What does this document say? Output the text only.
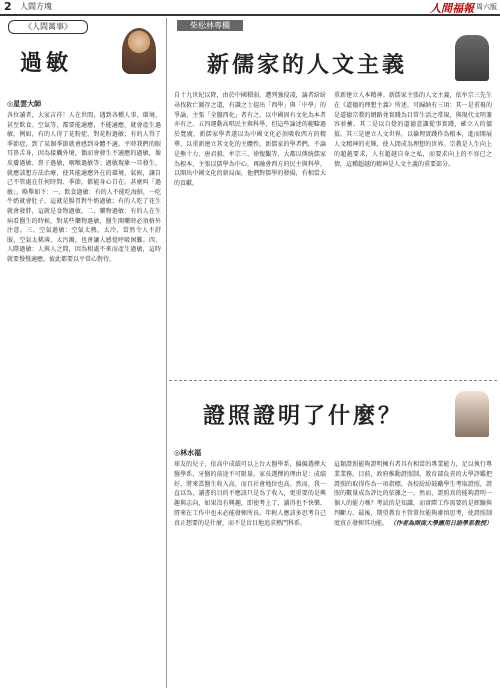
2 人間方塊	人間福報 周六版
《人間萬事》
過敏
◎星雲大師
各位讀者，大家吉祥！人在世間，遇到各種人事、環境、甚至飲食、空氣等，都要能適應，不能適應，就會產生過敏。例如，有的人得了花粉症，對花粉過敏；有的人得了季節症，到了某個季節就會感到身體不適。平時我們的眼耳鼻舌身，因為接觸外境，偶而會發生不適應的過敏，像皮膚過敏、鼻子過敏，咽喉過敏等；過敏現象一旦發生，就應該想方法治療，使其能適應外在的環境、氣候，讓自己不管處在任何時間、季節，都能身心自在。甚麼叫「過敏」，略舉如下：一、飲食過敏：有的人不能吃海鮮，一吃牛奶就會肚子，這就是腸胃對牛奶過敏；有的人吃了花生就會發胖，這就是食物過敏。二、藥物過敏：有的人在生病看醫生的時候，對某些藥物過敏，醫生開藥時必須格外注意。三、空氣過敏：空氣太熱、太冷，當然令人不舒服，空氣太稀薄，太污濁，也會讓人感覺呼吸困難。四、人際過敏：人與人之間，因為相處不來而產生過敏，這時就要慢慢適應，彼此都要以平常心對待。
柴松林專欄
新儒家的人文主義
自十九世紀以降，由於中國積弱，遭列強侵凌，論者紛紛尋找救亡圖存之道，有識之士提出「西學」與「中學」的爭論，主張「全盤西化」者有之，以中國固有文化為本者亦有之。五四運動高唱民主與科學，但這些論述的範疇過於寬廣，新儒家學者遂以為中國文化必須吸收西方的精華，以重新建立其文化的主體性。新儒家的學者們，不論是熊十力、唐君毅、牟宗三、徐復觀等，大都以傳統儒家為根本，主張以儒學為中心，再融會西方的民主與科學，以開出中國文化的新局面，他們對儒學的發揚，有相當大的貢獻。
重新建立人本精神。新儒家主張的人文主義，依牟宗三先生在《道德的理想主義》所述，可歸納有三項：其一是重視的是道德宗教的網路並實踐為目常生活之常規，與現代文明兼容並蓄。其二是以自覺的道德意識從事實踐，確立人的價值。其三是建立人文世界，以倫理實踐作為根本，進而開展人文精神的光輝，使人間成為理想的世界。宗教是人生向上的超越要求，人有超越自身之私，而要求向上的不容已之情，這種超越的精神是人文主義的重要部分。
證照證明了什麼？
◎林水福
球友的兒子，依高中成績可以上台大醫學系，偏偏選擇大醫學系，牙醫的前途不可限量。家長選擇的理由是：成績好，將來當醫生收入高，而且社會地位也高。然而，我一直以為，讀書的目的不應該只是為了收入，更重要的是興趣與志向，如果沒有興趣，即使考上了，讀得也不快樂，將來在工作中也未必能發揮所長。年輕人應該多思考自己真正想要的是什麼，而不是盲目地追求熱門科系。
這類證照能夠證明擁有者具有相當的專業能力，足以執行專業業務。目前，政府推動證照制，教育部負責的大學評鑑把證照的取得作為一項指標，各校紛紛鼓勵學生考取證照，證照的數量成為評比的依據之一。然而，證照真的能夠證明一個人的能力嗎？考試的是知識，而實際工作需要的是經驗與判斷力。最後，期望教育主管單位能夠審慎思考，使證照制度真正發揮其功能。 （作者為開南大學應用日語學系教授）
